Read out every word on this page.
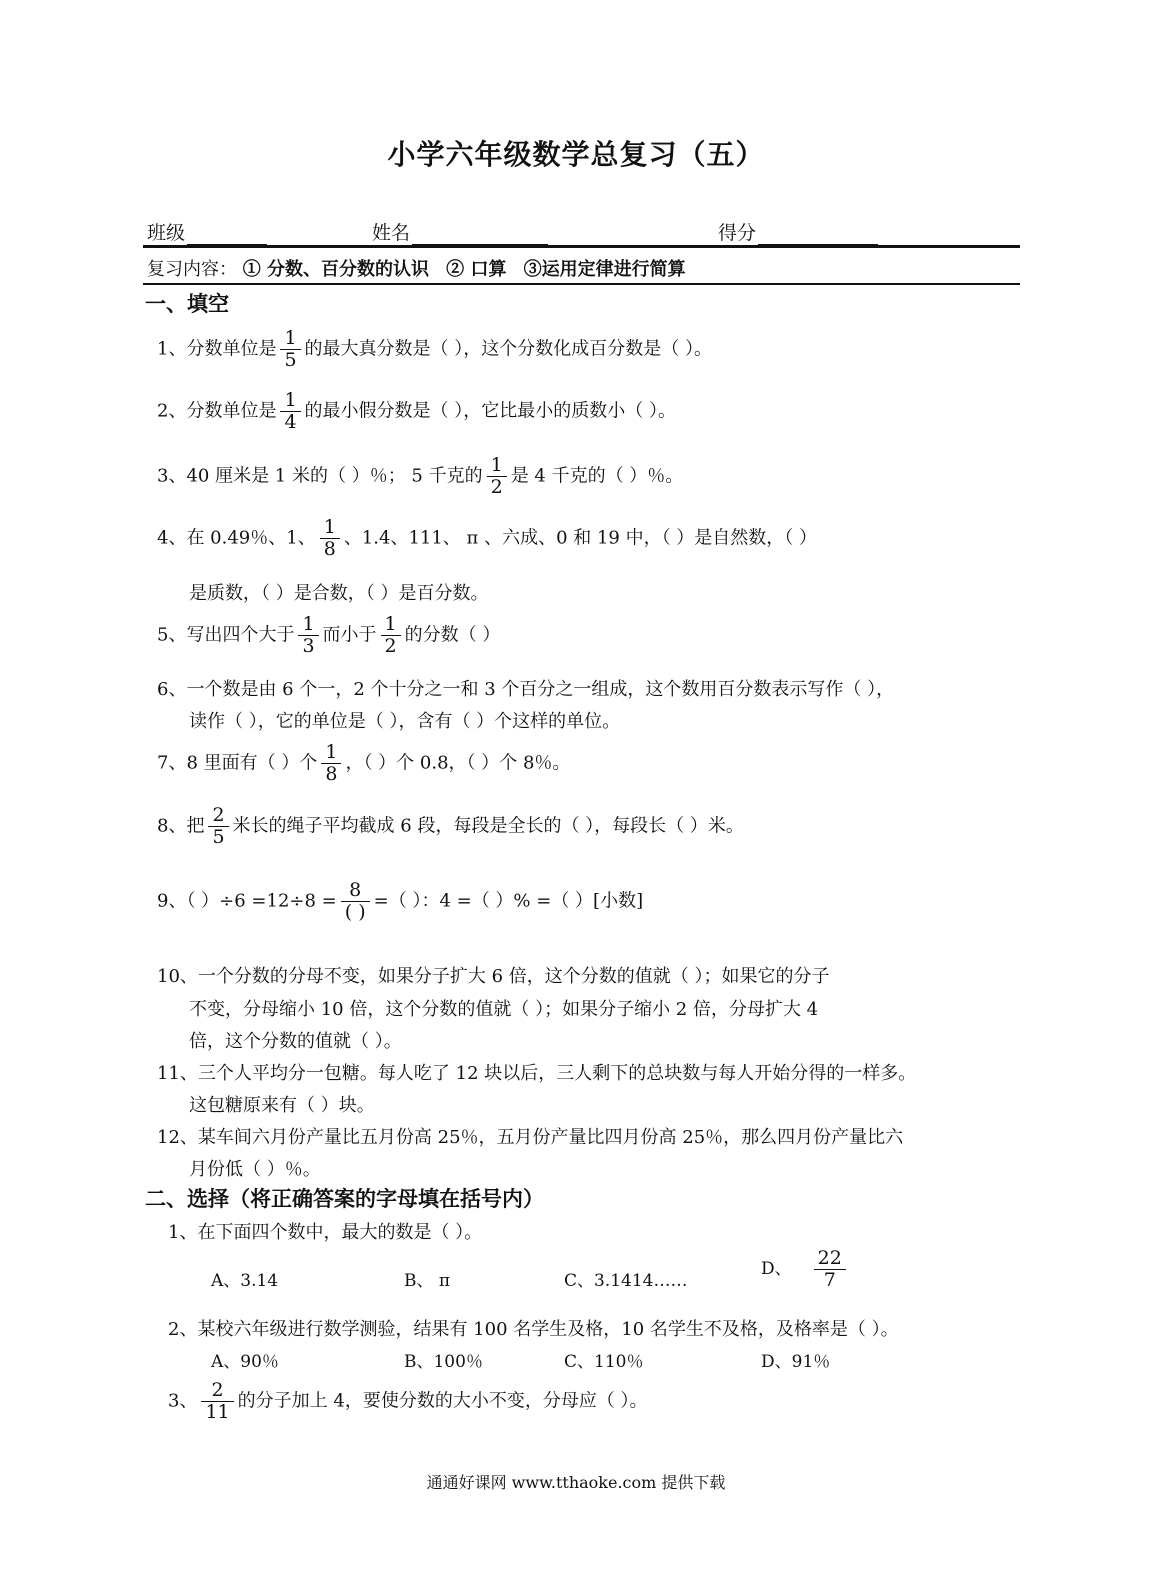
小学六年级数学总复习（五）
班级	姓名	得分
复习内容： ① 分数、百分数的认识 ② 口算 ③运用定律进行简算
一、填空
1、分数单位是 $\frac{1}{5}$ 的最大真分数是（ ），这个分数化成百分数是（ ）。
2、分数单位是 $\frac{1}{4}$ 的最小假分数是（ ），它比最小的质数小（ ）。
3、40 厘米是 1 米的（ ）％； 5 千克的 $\frac{1}{2}$ 是 4 千克的（ ）％。
4、在 0.49％、1、 $\frac{1}{8}$ 、1.4、111、 π 、六成、0 和 19 中，（ ）是自然数，（ ）
是质数，（ ）是合数，（ ）是百分数。
5、写出四个大于 $\frac{1}{3}$ 而小于 $\frac{1}{2}$ 的分数（ ）
6、一个数是由 6 个一，2 个十分之一和 3 个百分之一组成，这个数用百分数表示写作（ ），
读作（ ），它的单位是（ ），含有（ ）个这样的单位。
7、8 里面有（ ）个 $\frac{1}{8}$ ，（ ）个 0.8，（ ）个 8％。
8、把 $\frac{2}{5}$ 米长的绳子平均截成 6 段，每段是全长的（ ），每段长（ ）米。
9、（ ）$\div 6 =12\div 8 = \frac{8}{( )}$ =（ ）：4 =（ ）% =（ ）[小数]
10、一个分数的分母不变，如果分子扩大 6 倍，这个分数的值就（ ）；如果它的分子
不变，分母缩小 10 倍，这个分数的值就（ ）；如果分子缩小 2 倍，分母扩大 4
倍，这个分数的值就（ ）。
11、三个人平均分一包糖。每人吃了 12 块以后，三人剩下的总块数与每人开始分得的一样多。
这包糖原来有（ ）块。
12、某车间六月份产量比五月份高 25％，五月份产量比四月份高 25％，那么四月份产量比六
月份低（ ）％。
二、选择（将正确答案的字母填在括号内）
1、在下面四个数中，最大的数是（ ）。
A、3.14	B、 π	C、3.1414……
D、 $\frac{22}{7}$
2、某校六年级进行数学测验，结果有 100 名学生及格，10 名学生不及格，及格率是（ ）。
A、90％	B、100％	C、110％	D、91％
3、 $\frac{2}{11}$ 的分子加上 4，要使分数的大小不变，分母应（ ）。
通通好课网 www.tthaoke.com 提供下载
